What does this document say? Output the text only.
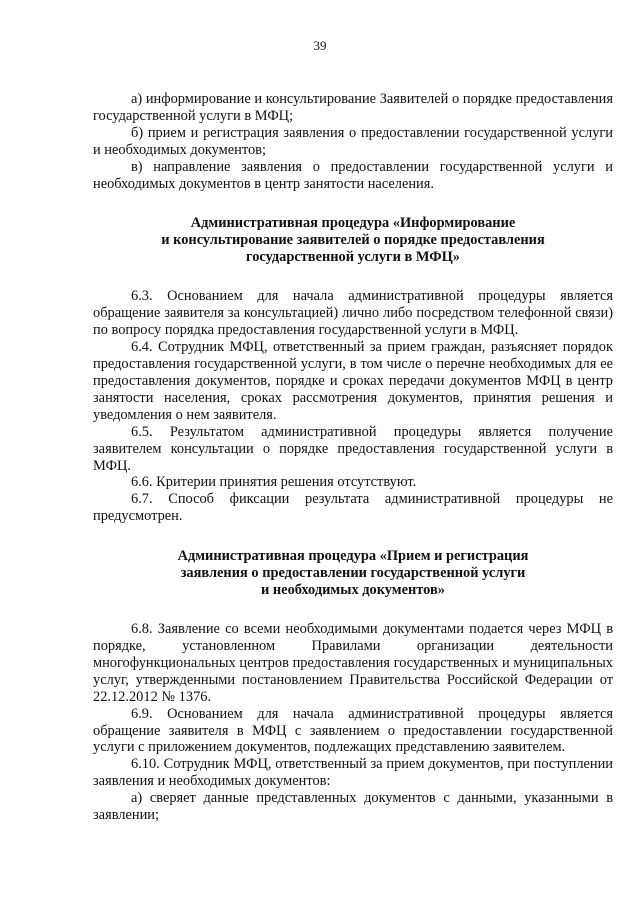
39

а) информирование и консультирование Заявителей о порядке предоставления государственной услуги в МФЦ;

б) прием и регистрация заявления о предоставлении государственной услуги и необходимых документов;

в) направление заявления о предоставлении государственной услуги и необходимых документов в центр занятости населения.

Административная процедура «Информирование
и консультирование заявителей о порядке предоставления
государственной услуги в МФЦ»

6.3. Основанием для начала административной процедуры является обращение заявителя за консультацией) лично либо посредством телефонной связи) по вопросу порядка предоставления государственной услуги в МФЦ.

6.4. Сотрудник МФЦ, ответственный за прием граждан, разъясняет порядок предоставления государственной услуги, в том числе о перечне необходимых для ее предоставления документов, порядке и сроках передачи документов МФЦ в центр занятости населения, сроках рассмотрения документов, принятия решения и уведомления о нем заявителя.

6.5. Результатом административной процедуры является получение заявителем консультации о порядке предоставления государственной услуги в МФЦ.

6.6. Критерии принятия решения отсутствуют.

6.7. Способ фиксации результата административной процедуры не предусмотрен.

Административная процедура «Прием и регистрация
заявления о предоставлении государственной услуги
и необходимых документов»

6.8. Заявление со всеми необходимыми документами подается через МФЦ в порядке, установленном Правилами организации деятельности многофункциональных центров предоставления государственных и муниципальных услуг, утвержденными постановлением Правительства Российской Федерации от 22.12.2012 № 1376.

6.9. Основанием для начала административной процедуры является обращение заявителя в МФЦ с заявлением о предоставлении государственной услуги с приложением документов, подлежащих представлению заявителем.

6.10. Сотрудник МФЦ, ответственный за прием документов, при поступлении заявления и необходимых документов:

а) сверяет данные представленных документов с данными, указанными в заявлении;
